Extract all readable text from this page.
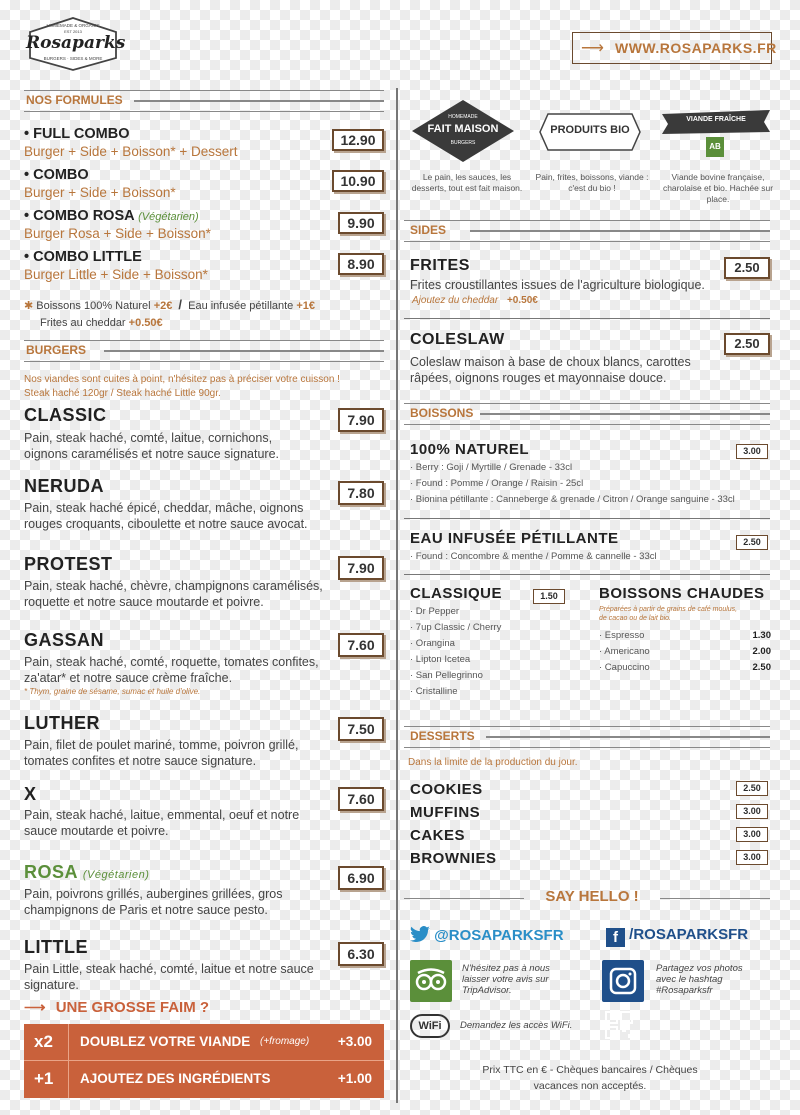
HOMEMADE & ORGANIC
EST 2013
Rosaparks
BURGERS · SIDES & MORE
⟶ WWW.ROSAPARKS.FR
NOS FORMULES
• FULL COMBO
Burger + Side + Boisson* + Dessert
12.90
• COMBO
Burger + Side + Boisson*
10.90
• COMBO ROSA (Végétarien)
Burger Rosa + Side + Boisson*
9.90
• COMBO LITTLE
Burger Little + Side + Boisson*
8.90
✱ Boissons 100% Naturel +2€ / Eau infusée pétillante +1€
Frites au cheddar +0.50€
BURGERS
Nos viandes sont cuites à point, n'hésitez pas à préciser votre cuisson !
Steak haché 120gr / Steak haché Little 90gr.
CLASSIC
Pain, steak haché, comté, laitue, cornichons,
oignons caramélisés et notre sauce signature.
7.90
NERUDA
Pain, steak haché épicé, cheddar, mâche, oignons
rouges croquants, ciboulette et notre sauce avocat.
7.80
PROTEST
Pain, steak haché, chèvre, champignons caramélisés,
roquette et notre sauce moutarde et poivre.
7.90
GASSAN
Pain, steak haché, comté, roquette, tomates confites,
za'atar* et notre sauce crème fraîche.
* Thym, graine de sésame, sumac et huile d'olive.
7.60
LUTHER
Pain, filet de poulet mariné, tomme, poivron grillé,
tomates confites et notre sauce signature.
7.50
X
Pain, steak haché, laitue, emmental, oeuf et notre
sauce moutarde et poivre.
7.60
ROSA (Végétarien)
Pain, poivrons grillés, aubergines grillées, gros
champignons de Paris et notre sauce pesto.
6.90
LITTLE
Pain Little, steak haché, comté, laitue et notre sauce
signature.
6.30
⟶ UNE GROSSE FAIM ?
x2 DOUBLEZ VOTRE VIANDE (+fromage) +3.00
+1 AJOUTEZ DES INGRÉDIENTS	+1.00
HOMEMADE
FAIT MAISON
BURGERS
Le pain, les sauces, les desserts, tout est fait maison.
PRODUITS BIO
Pain, frites, boissons, viande : c'est du bio !
VIANDE FRAÎCHE
AB
Viande bovine française, charolaise et bio. Hachée sur place.
SIDES
FRITES
Frites croustillantes issues de l'agriculture biologique.
Ajoutez du cheddar +0.50€
2.50
COLESLAW
Coleslaw maison à base de choux blancs, carottes
râpées, oignons rouges et mayonnaise douce.
2.50
BOISSONS
100% NATUREL	3.00
· Berry : Goji / Myrtille / Grenade - 33cl
· Found : Pomme / Orange / Raisin - 25cl
· Bionina pétillante : Canneberge & grenade / Citron / Orange sanguine - 33cl
EAU INFUSÉE PÉTILLANTE	2.50
· Found : Concombre & menthe / Pomme & cannelle - 33cl
CLASSIQUE	1.50
· Dr Pepper
· 7up Classic / Cherry
· Orangina
· Lipton Icetea
· San Pellegrinno
· Cristalline
BOISSONS CHAUDES
Préparées à partir de grains de café moulus,
de cacao ou de lait bio.
· Espresso	1.30
· Americano	2.00
· Capuccino	2.50
DESSERTS
Dans la limite de la production du jour.
COOKIES	2.50
MUFFINS	3.00
CAKES	3.00
BROWNIES	3.00
SAY HELLO !
@ROSAPARKSFR	f /ROSAPARKSFR
N'hésitez pas à nous
laisser votre avis sur
TripAdvisor.
Partagez vos photos
avec le hashtag
#Rosaparksfr
WiFi	Demandez les accès WiFi.
Prix TTC en € - Chèques bancaires / Chèques
vacances non acceptés.
